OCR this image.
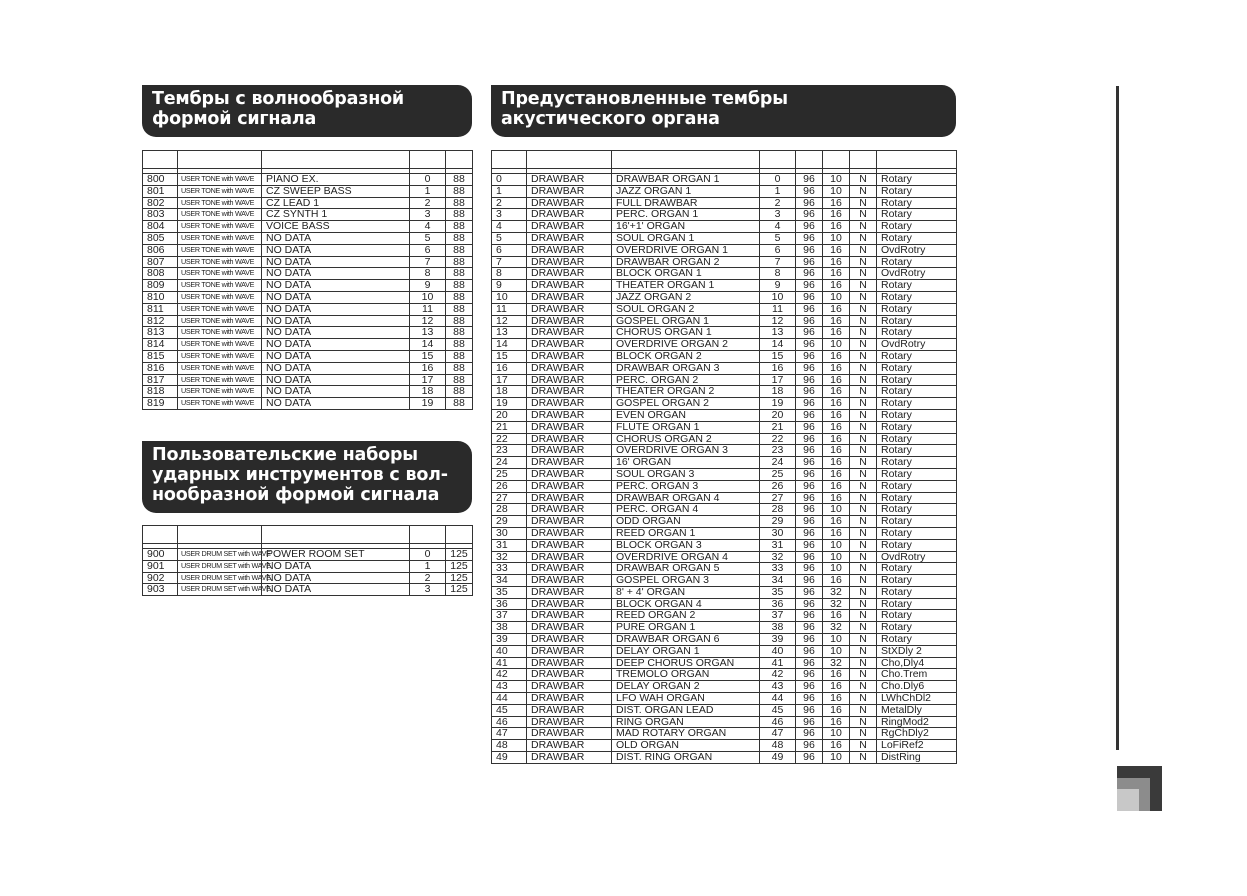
Тембры с волнообразной
формой сигнала

800	USER TONE with WAVE	PIANO EX.	0	88
801	USER TONE with WAVE	CZ SWEEP BASS	1	88
802	USER TONE with WAVE	CZ LEAD 1	2	88
803	USER TONE with WAVE	CZ SYNTH 1	3	88
804	USER TONE with WAVE	VOICE BASS	4	88
805	USER TONE with WAVE	NO DATA	5	88
806	USER TONE with WAVE	NO DATA	6	88
807	USER TONE with WAVE	NO DATA	7	88
808	USER TONE with WAVE	NO DATA	8	88
809	USER TONE with WAVE	NO DATA	9	88
810	USER TONE with WAVE	NO DATA	10	88
811	USER TONE with WAVE	NO DATA	11	88
812	USER TONE with WAVE	NO DATA	12	88
813	USER TONE with WAVE	NO DATA	13	88
814	USER TONE with WAVE	NO DATA	14	88
815	USER TONE with WAVE	NO DATA	15	88
816	USER TONE with WAVE	NO DATA	16	88
817	USER TONE with WAVE	NO DATA	17	88
818	USER TONE with WAVE	NO DATA	18	88
819	USER TONE with WAVE	NO DATA	19	88
Пользовательские наборы
ударных инструментов с вол-
нообразной формой сигнала

900	USER DRUM SET with WAVE	POWER ROOM SET	0	125
901	USER DRUM SET with WAVE	NO DATA	1	125
902	USER DRUM SET with WAVE	NO DATA	2	125
903	USER DRUM SET with WAVE	NO DATA	3	125
Предустановленные тембры
акустического органа

0	DRAWBAR	DRAWBAR ORGAN 1	0	96	10	N	Rotary
1	DRAWBAR	JAZZ ORGAN 1	1	96	10	N	Rotary
2	DRAWBAR	FULL DRAWBAR	2	96	16	N	Rotary
3	DRAWBAR	PERC. ORGAN 1	3	96	16	N	Rotary
4	DRAWBAR	16'+1' ORGAN	4	96	16	N	Rotary
5	DRAWBAR	SOUL ORGAN 1	5	96	10	N	Rotary
6	DRAWBAR	OVERDRIVE ORGAN 1	6	96	16	N	OvdRotry
7	DRAWBAR	DRAWBAR ORGAN 2	7	96	16	N	Rotary
8	DRAWBAR	BLOCK ORGAN 1	8	96	16	N	OvdRotry
9	DRAWBAR	THEATER ORGAN 1	9	96	16	N	Rotary
10	DRAWBAR	JAZZ ORGAN 2	10	96	10	N	Rotary
11	DRAWBAR	SOUL ORGAN 2	11	96	16	N	Rotary
12	DRAWBAR	GOSPEL ORGAN 1	12	96	16	N	Rotary
13	DRAWBAR	CHORUS ORGAN 1	13	96	16	N	Rotary
14	DRAWBAR	OVERDRIVE ORGAN 2	14	96	10	N	OvdRotry
15	DRAWBAR	BLOCK ORGAN 2	15	96	16	N	Rotary
16	DRAWBAR	DRAWBAR ORGAN 3	16	96	16	N	Rotary
17	DRAWBAR	PERC. ORGAN 2	17	96	16	N	Rotary
18	DRAWBAR	THEATER ORGAN 2	18	96	16	N	Rotary
19	DRAWBAR	GOSPEL ORGAN 2	19	96	16	N	Rotary
20	DRAWBAR	EVEN ORGAN	20	96	16	N	Rotary
21	DRAWBAR	FLUTE ORGAN 1	21	96	16	N	Rotary
22	DRAWBAR	CHORUS ORGAN 2	22	96	16	N	Rotary
23	DRAWBAR	OVERDRIVE ORGAN 3	23	96	16	N	Rotary
24	DRAWBAR	16' ORGAN	24	96	16	N	Rotary
25	DRAWBAR	SOUL ORGAN 3	25	96	16	N	Rotary
26	DRAWBAR	PERC. ORGAN 3	26	96	16	N	Rotary
27	DRAWBAR	DRAWBAR ORGAN 4	27	96	16	N	Rotary
28	DRAWBAR	PERC. ORGAN 4	28	96	10	N	Rotary
29	DRAWBAR	ODD ORGAN	29	96	16	N	Rotary
30	DRAWBAR	REED ORGAN 1	30	96	16	N	Rotary
31	DRAWBAR	BLOCK ORGAN 3	31	96	10	N	Rotary
32	DRAWBAR	OVERDRIVE ORGAN 4	32	96	10	N	OvdRotry
33	DRAWBAR	DRAWBAR ORGAN 5	33	96	10	N	Rotary
34	DRAWBAR	GOSPEL ORGAN 3	34	96	16	N	Rotary
35	DRAWBAR	8' + 4' ORGAN	35	96	32	N	Rotary
36	DRAWBAR	BLOCK ORGAN 4	36	96	32	N	Rotary
37	DRAWBAR	REED ORGAN 2	37	96	16	N	Rotary
38	DRAWBAR	PURE ORGAN 1	38	96	32	N	Rotary
39	DRAWBAR	DRAWBAR ORGAN 6	39	96	10	N	Rotary
40	DRAWBAR	DELAY ORGAN 1	40	96	10	N	StXDly 2
41	DRAWBAR	DEEP CHORUS ORGAN	41	96	32	N	Cho,Dly4
42	DRAWBAR	TREMOLO ORGAN	42	96	16	N	Cho.Trem
43	DRAWBAR	DELAY ORGAN 2	43	96	16	N	Cho.Dly6
44	DRAWBAR	LFO WAH ORGAN	44	96	16	N	LWhChDl2
45	DRAWBAR	DIST. ORGAN LEAD	45	96	16	N	MetalDly
46	DRAWBAR	RING ORGAN	46	96	16	N	RingMod2
47	DRAWBAR	MAD ROTARY ORGAN	47	96	10	N	RgChDly2
48	DRAWBAR	OLD ORGAN	48	96	16	N	LoFiRef2
49	DRAWBAR	DIST. RING ORGAN	49	96	10	N	DistRing
